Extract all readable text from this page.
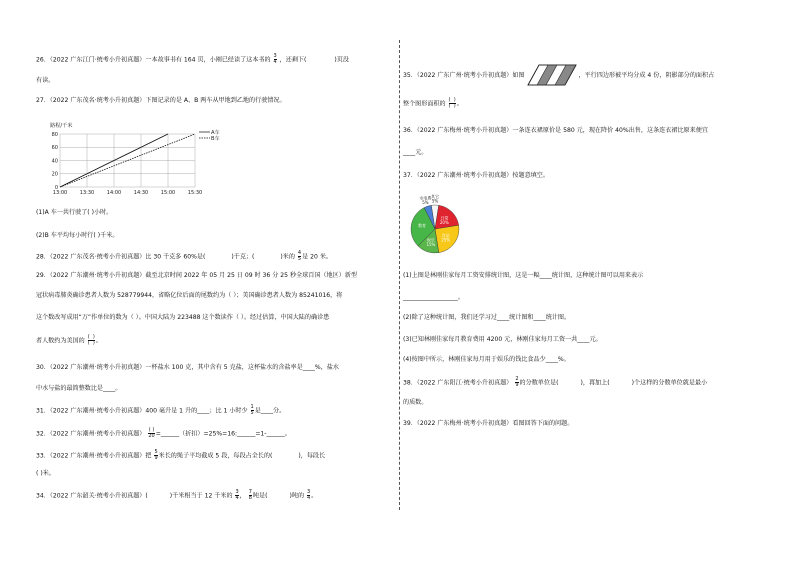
26．（2022 广东江门·统考小升初真题）一本故事书有 164 页，小刚已经读了这本书的 $\frac{3}{4}$ ，还剩下(	)页没
有读。
27．（2022 广东茂名·统考小升初真题）下图记录的是 A、B 两车从甲地到乙地的行驶情况。
路程/千米
0
20
40
60
80
13:00	13:30	14:00	14:30	15:00	15:30
A车
B车
(1)A 车一共行驶了( )小时。
(2)B 车平均每小时行( )千米。
28．（2022 广东茂名·统考小升初真题）比 30 千克多 60%是(	)千克；(	)米的 $\frac{4}{5}$ 是 20 米。
29．（2022 广东潮州·统考小升初真题）截至北京时间 2022 年 05 月 25 日 09 时 36 分 25 秒全球百国（地区）新型
冠状病毒肺炎确诊患者人数为 528779944，省略亿位后面的尾数约为（ ）；美国确诊患者人数为 85241016，将
这个数改写成用“万”作单位的数为（ ）。中国大陆为 223488 这个数读作（ ）。经过估算，中国大陆的确诊患
者人数约为美国的 $\frac{( )}{( )}$ 。
30．（2022 广东潮州·统考小升初真题）一杯盐水 100 克，其中含有 5 克盐，这杯盐水的含盐率是____%，盐水
中水与盐的最简整数比是____。
31．（2022 广东潮州·统考小升初真题）400 毫升是 1 升的____；比 1 小时少 $\frac{1}{5}$ 是____分。
32．（2022 广东潮州·统考小升初真题） $\frac{( )}{20}$ =______（折扣）=25%=16:______=1-______。
33．（2022 广东潮州·统考小升初真题）把 $\frac{5}{9}$ 米长的绳子平均截成 5 段，每段占全长的(	)，每段长
( )米。
34．（2022 广东韶关·统考小升初真题）(	)千米相当于 12 千米的 $\frac{3}{4}$ ， $\frac{7}{8}$ 吨是(	)吨的 $\frac{3}{4}$ 。
35．（2022 广东广州·统考小升初真题）如图	，平行四边形被平均分成 4 份，阴影部分的面积占
整个图形面积的 $\frac{( )}{( )}$ 。
36．（2022 广东梅州·统考小升初真题）一条连衣裙原价是 580 元，现在降价 40%出售，这条连衣裙比原来便宜
____元。
37．（2022 广东潮州·统考小升初真题）按题意填空。
其它
5%
日常
20%
食品
25%
娱乐
15%
教育
水电费
5%
(1)上图是林刚佳家每月工资安排统计图，这是一幅____统计图，这种统计图可以用来表示
__________________。
(2)除了这种统计图，我们还学习过____统计图和____统计图。
(3)已知林刚佳家每月教育费用 4200 元，林刚佳家每月工资一共____元。
(4)按图中所示，林刚佳家每月用于娱乐的钱比食品少____%。
38．（2022 广东阳江·统考小升初真题） $\frac{2}{9}$ 的分数单位是(	)，再加上(	)个这样的分数单位就是最小
的质数。
39．（2022 广东梅州·统考小升初真题）看图回答下面的问题。
